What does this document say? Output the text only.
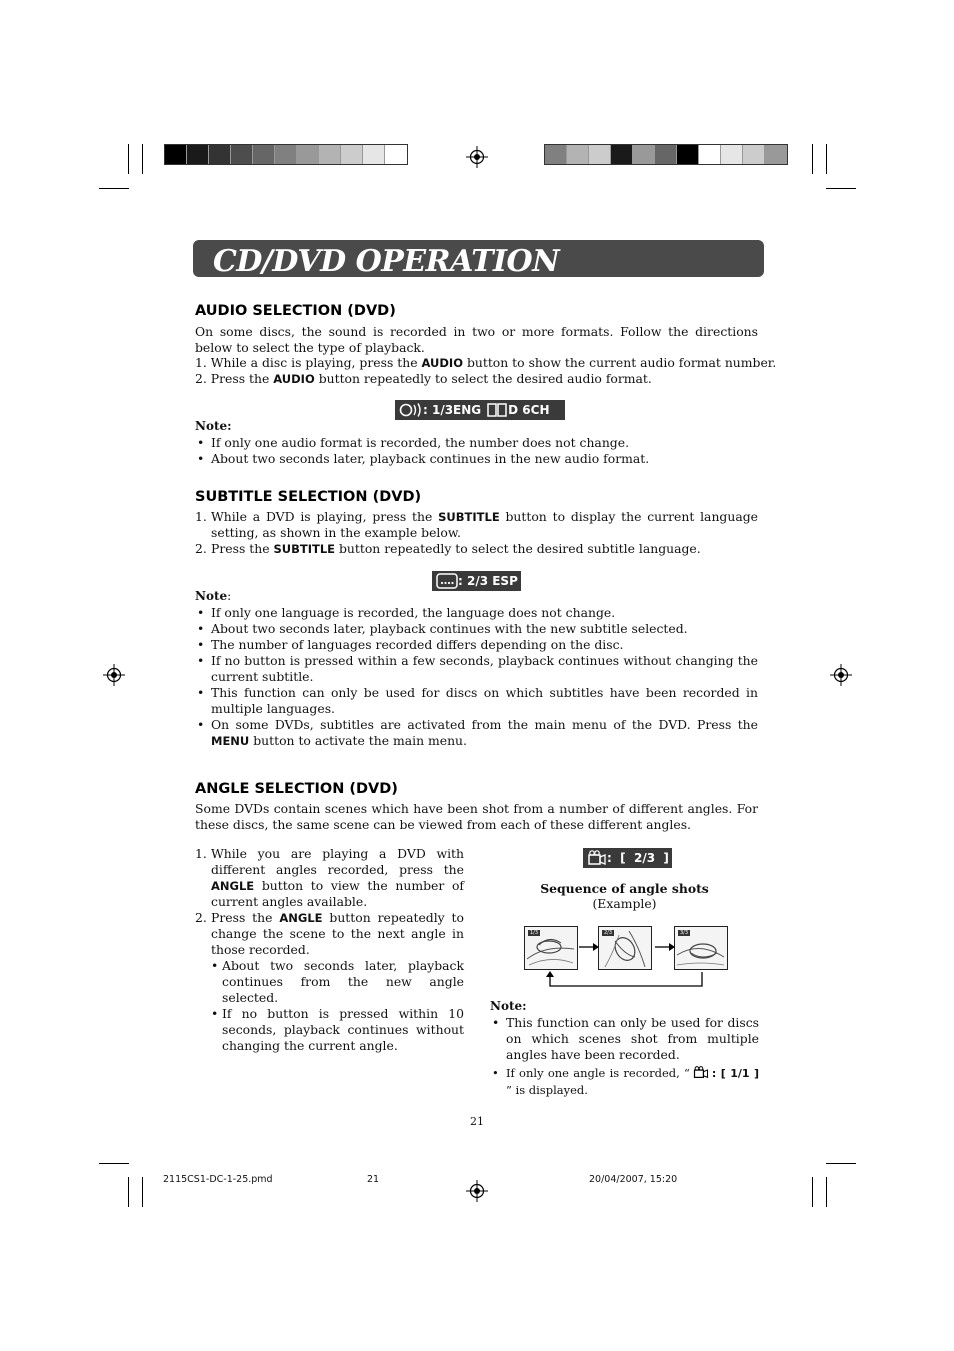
CD/DVD OPERATION
AUDIO SELECTION (DVD)
On some discs, the sound is recorded in two or more formats. Follow the directions below to select the type of playback.
1. While a disc is playing, press the AUDIO button to show the current audio format number.
2. Press the AUDIO button repeatedly to select the desired audio format.
: 1/3ENG D 6CH
Note:
• If only one audio format is recorded, the number does not change.
• About two seconds later, playback continues in the new audio format.
SUBTITLE SELECTION (DVD)
1. While a DVD is playing, press the SUBTITLE button to display the current language setting, as shown in the example below.
2. Press the SUBTITLE button repeatedly to select the desired subtitle language.
: 2/3 ESP
Note:
• If only one language is recorded, the language does not change.
• About two seconds later, playback continues with the new subtitle selected.
• The number of languages recorded differs depending on the disc.
• If no button is pressed within a few seconds, playback continues without changing the current subtitle.
• This function can only be used for discs on which subtitles have been recorded in multiple languages.
• On some DVDs, subtitles are activated from the main menu of the DVD. Press the MENU button to activate the main menu.
ANGLE SELECTION (DVD)
Some DVDs contain scenes which have been shot from a number of different angles. For these discs, the same scene can be viewed from each of these different angles.
1. While you are playing a DVD with different angles recorded, press the ANGLE button to view the number of current angles available.
2. Press the ANGLE button repeatedly to change the scene to the next angle in those recorded.
• About two seconds later, playback continues from the new angle selected.
• If no button is pressed within 10 seconds, playback continues without changing the current angle.
:  [  2/3  ]
Sequence of angle shots
(Example)
1/3	2/3	3/3
Note:
• This function can only be used for discs on which scenes shot from multiple angles have been recorded.
• If only one angle is recorded, “ : [ 1/1 ] ” is displayed.
21
2115CS1-DC-1-25.pmd	21	20/04/2007, 15:20
